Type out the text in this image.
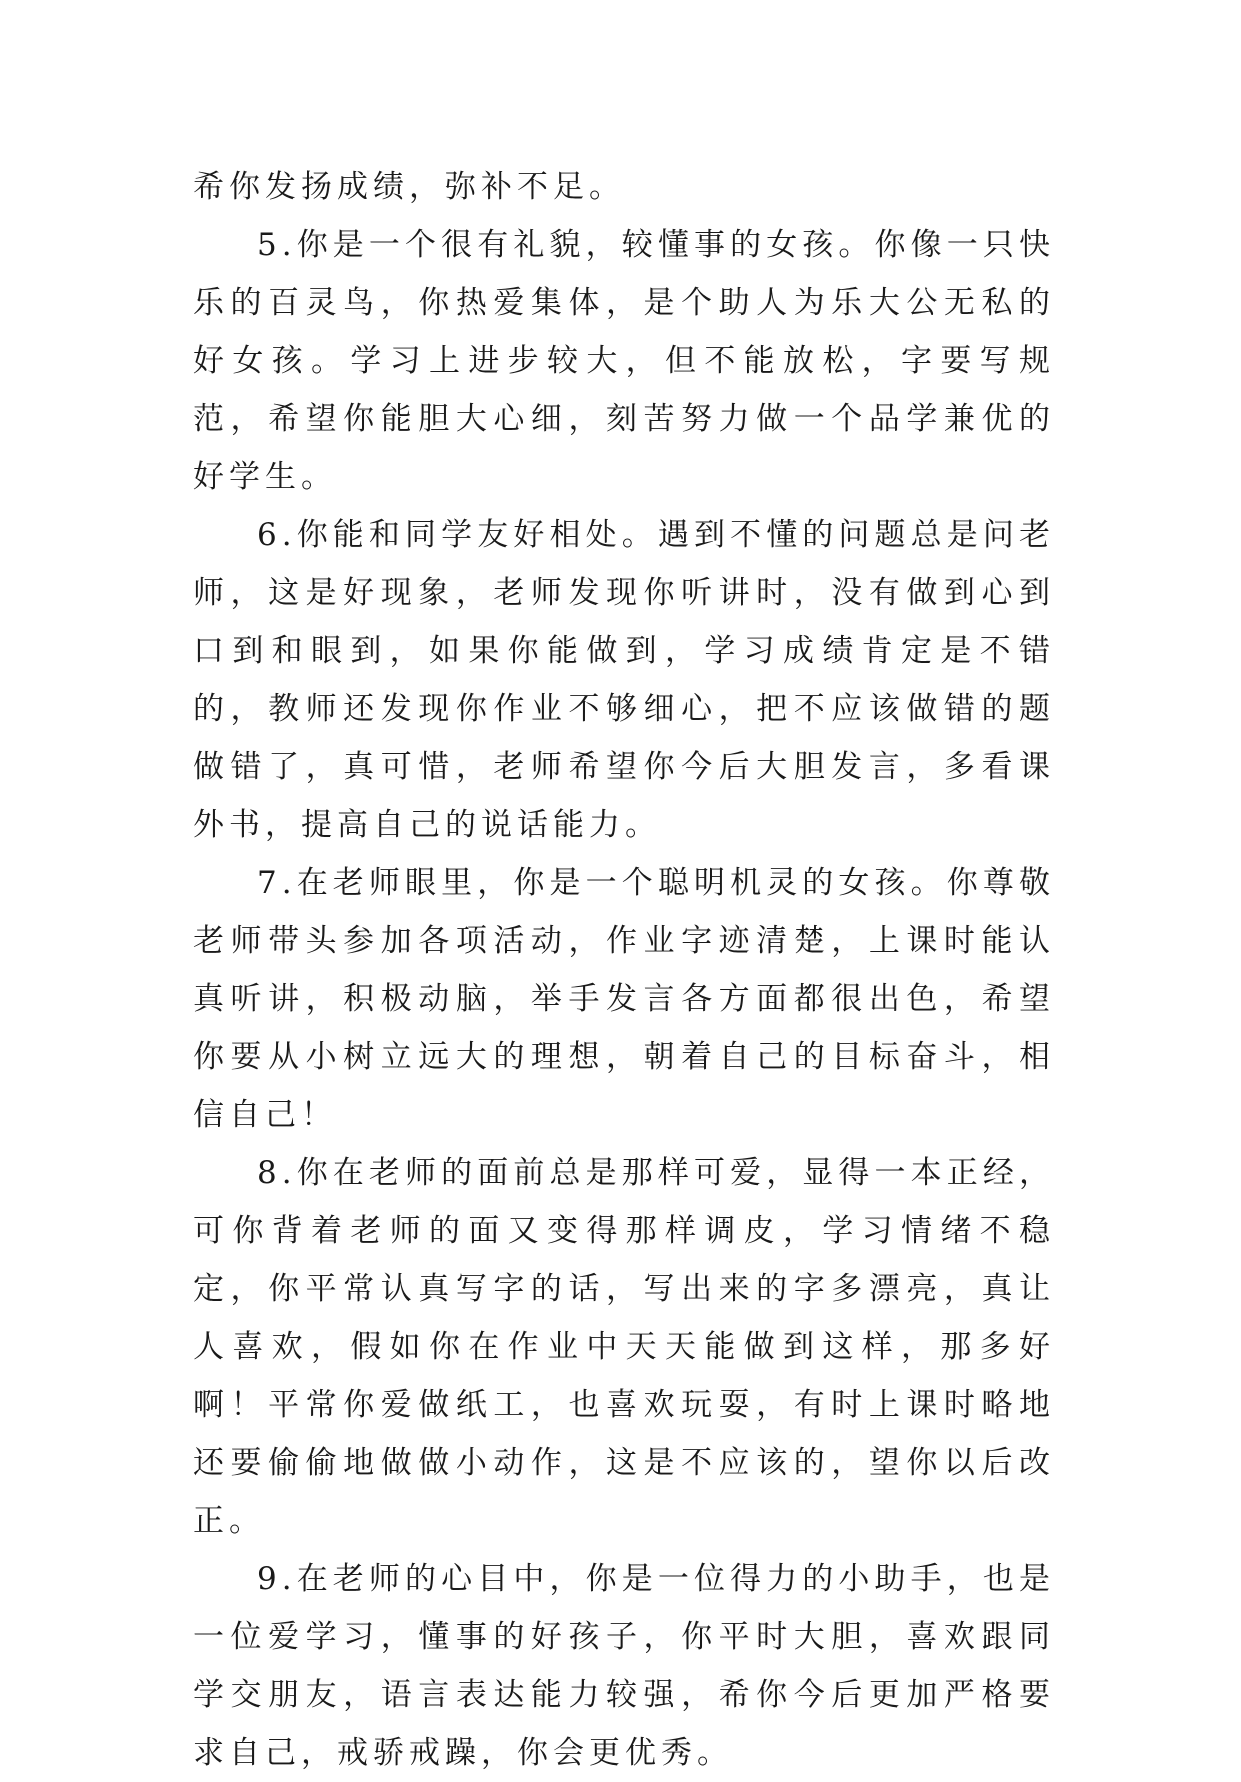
希你发扬成绩，弥补不足。

5.你是一个很有礼貌，较懂事的女孩。你像一只快乐的百灵鸟，你热爱集体，是个助人为乐大公无私的好女孩。学习上进步较大，但不能放松，字要写规范，希望你能胆大心细，刻苦努力做一个品学兼优的好学生。

6.你能和同学友好相处。遇到不懂的问题总是问老师，这是好现象，老师发现你听讲时，没有做到心到口到和眼到，如果你能做到，学习成绩肯定是不错的，教师还发现你作业不够细心，把不应该做错的题做错了，真可惜，老师希望你今后大胆发言，多看课外书，提高自己的说话能力。

7.在老师眼里，你是一个聪明机灵的女孩。你尊敬老师带头参加各项活动，作业字迹清楚，上课时能认真听讲，积极动脑，举手发言各方面都很出色，希望你要从小树立远大的理想，朝着自己的目标奋斗，相信自己！

8.你在老师的面前总是那样可爱，显得一本正经，可你背着老师的面又变得那样调皮，学习情绪不稳定，你平常认真写字的话，写出来的字多漂亮，真让人喜欢，假如你在作业中天天能做到这样，那多好啊！平常你爱做纸工，也喜欢玩耍，有时上课时略地还要偷偷地做做小动作，这是不应该的，望你以后改正。

9.在老师的心目中，你是一位得力的小助手，也是一位爱学习，懂事的好孩子，你平时大胆，喜欢跟同学交朋友，语言表达能力较强，希你今后更加严格要求自己，戒骄戒躁，你会更优秀。
